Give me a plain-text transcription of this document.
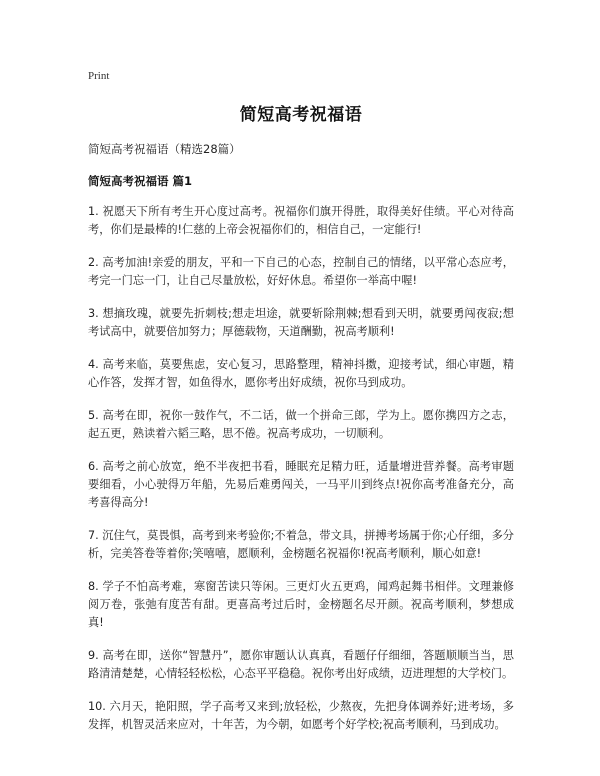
Print
简短高考祝福语
简短高考祝福语（精选28篇）
简短高考祝福语 篇1
1. 祝愿天下所有考生开心度过高考。祝福你们旗开得胜，取得美好佳绩。平心对待高考，你们是最棒的!仁慈的上帝会祝福你们的，相信自己，一定能行!
2. 高考加油!亲爱的朋友，平和一下自己的心态，控制自己的情绪，以平常心态应考，考完一门忘一门，让自己尽量放松，好好休息。希望你一举高中喔!
3. 想摘玫瑰，就要先折刺枝;想走坦途，就要斩除荆棘;想看到天明，就要勇闯夜寂;想考试高中，就要倍加努力；厚德载物，天道酬勤，祝高考顺利!
4. 高考来临，莫要焦虑，安心复习，思路整理，精神抖擞，迎接考试，细心审题，精心作答，发挥才智，如鱼得水，愿你考出好成绩，祝你马到成功。
5. 高考在即，祝你一鼓作气，不二话，做一个拼命三郎，学为上。愿你携四方之志，起五更，熟读着六韬三略，思不倦。祝高考成功，一切顺利。
6. 高考之前心放宽，绝不半夜把书看，睡眠充足精力旺，适量增进营养餐。高考审题要细看，小心驶得万年船，先易后难勇闯关，一马平川到终点!祝你高考准备充分，高考喜得高分!
7. 沉住气，莫畏惧，高考到来考验你;不着急，带文具，拼搏考场属于你;心仔细，多分析，完美答卷等着你;笑嘻嘻，愿顺利，金榜题名祝福你!祝高考顺利，顺心如意!
8. 学子不怕高考难，寒窗苦读只等闲。三更灯火五更鸡，闻鸡起舞书相伴。文理兼修阅万卷，张弛有度苦有甜。更喜高考过后时，金榜题名尽开颜。祝高考顺利，梦想成真!
9. 高考在即，送你“智慧丹”，愿你审题认认真真，看题仔仔细细，答题顺顺当当，思路清清楚楚，心情轻轻松松，心态平平稳稳。祝你考出好成绩，迈进理想的大学校门。
10. 六月天，艳阳照，学子高考又来到;放轻松，少熬夜，先把身体调养好;进考场，多发挥，机智灵活来应对，十年苦，为今朝，如愿考个好学校;祝高考顺利，马到成功。
